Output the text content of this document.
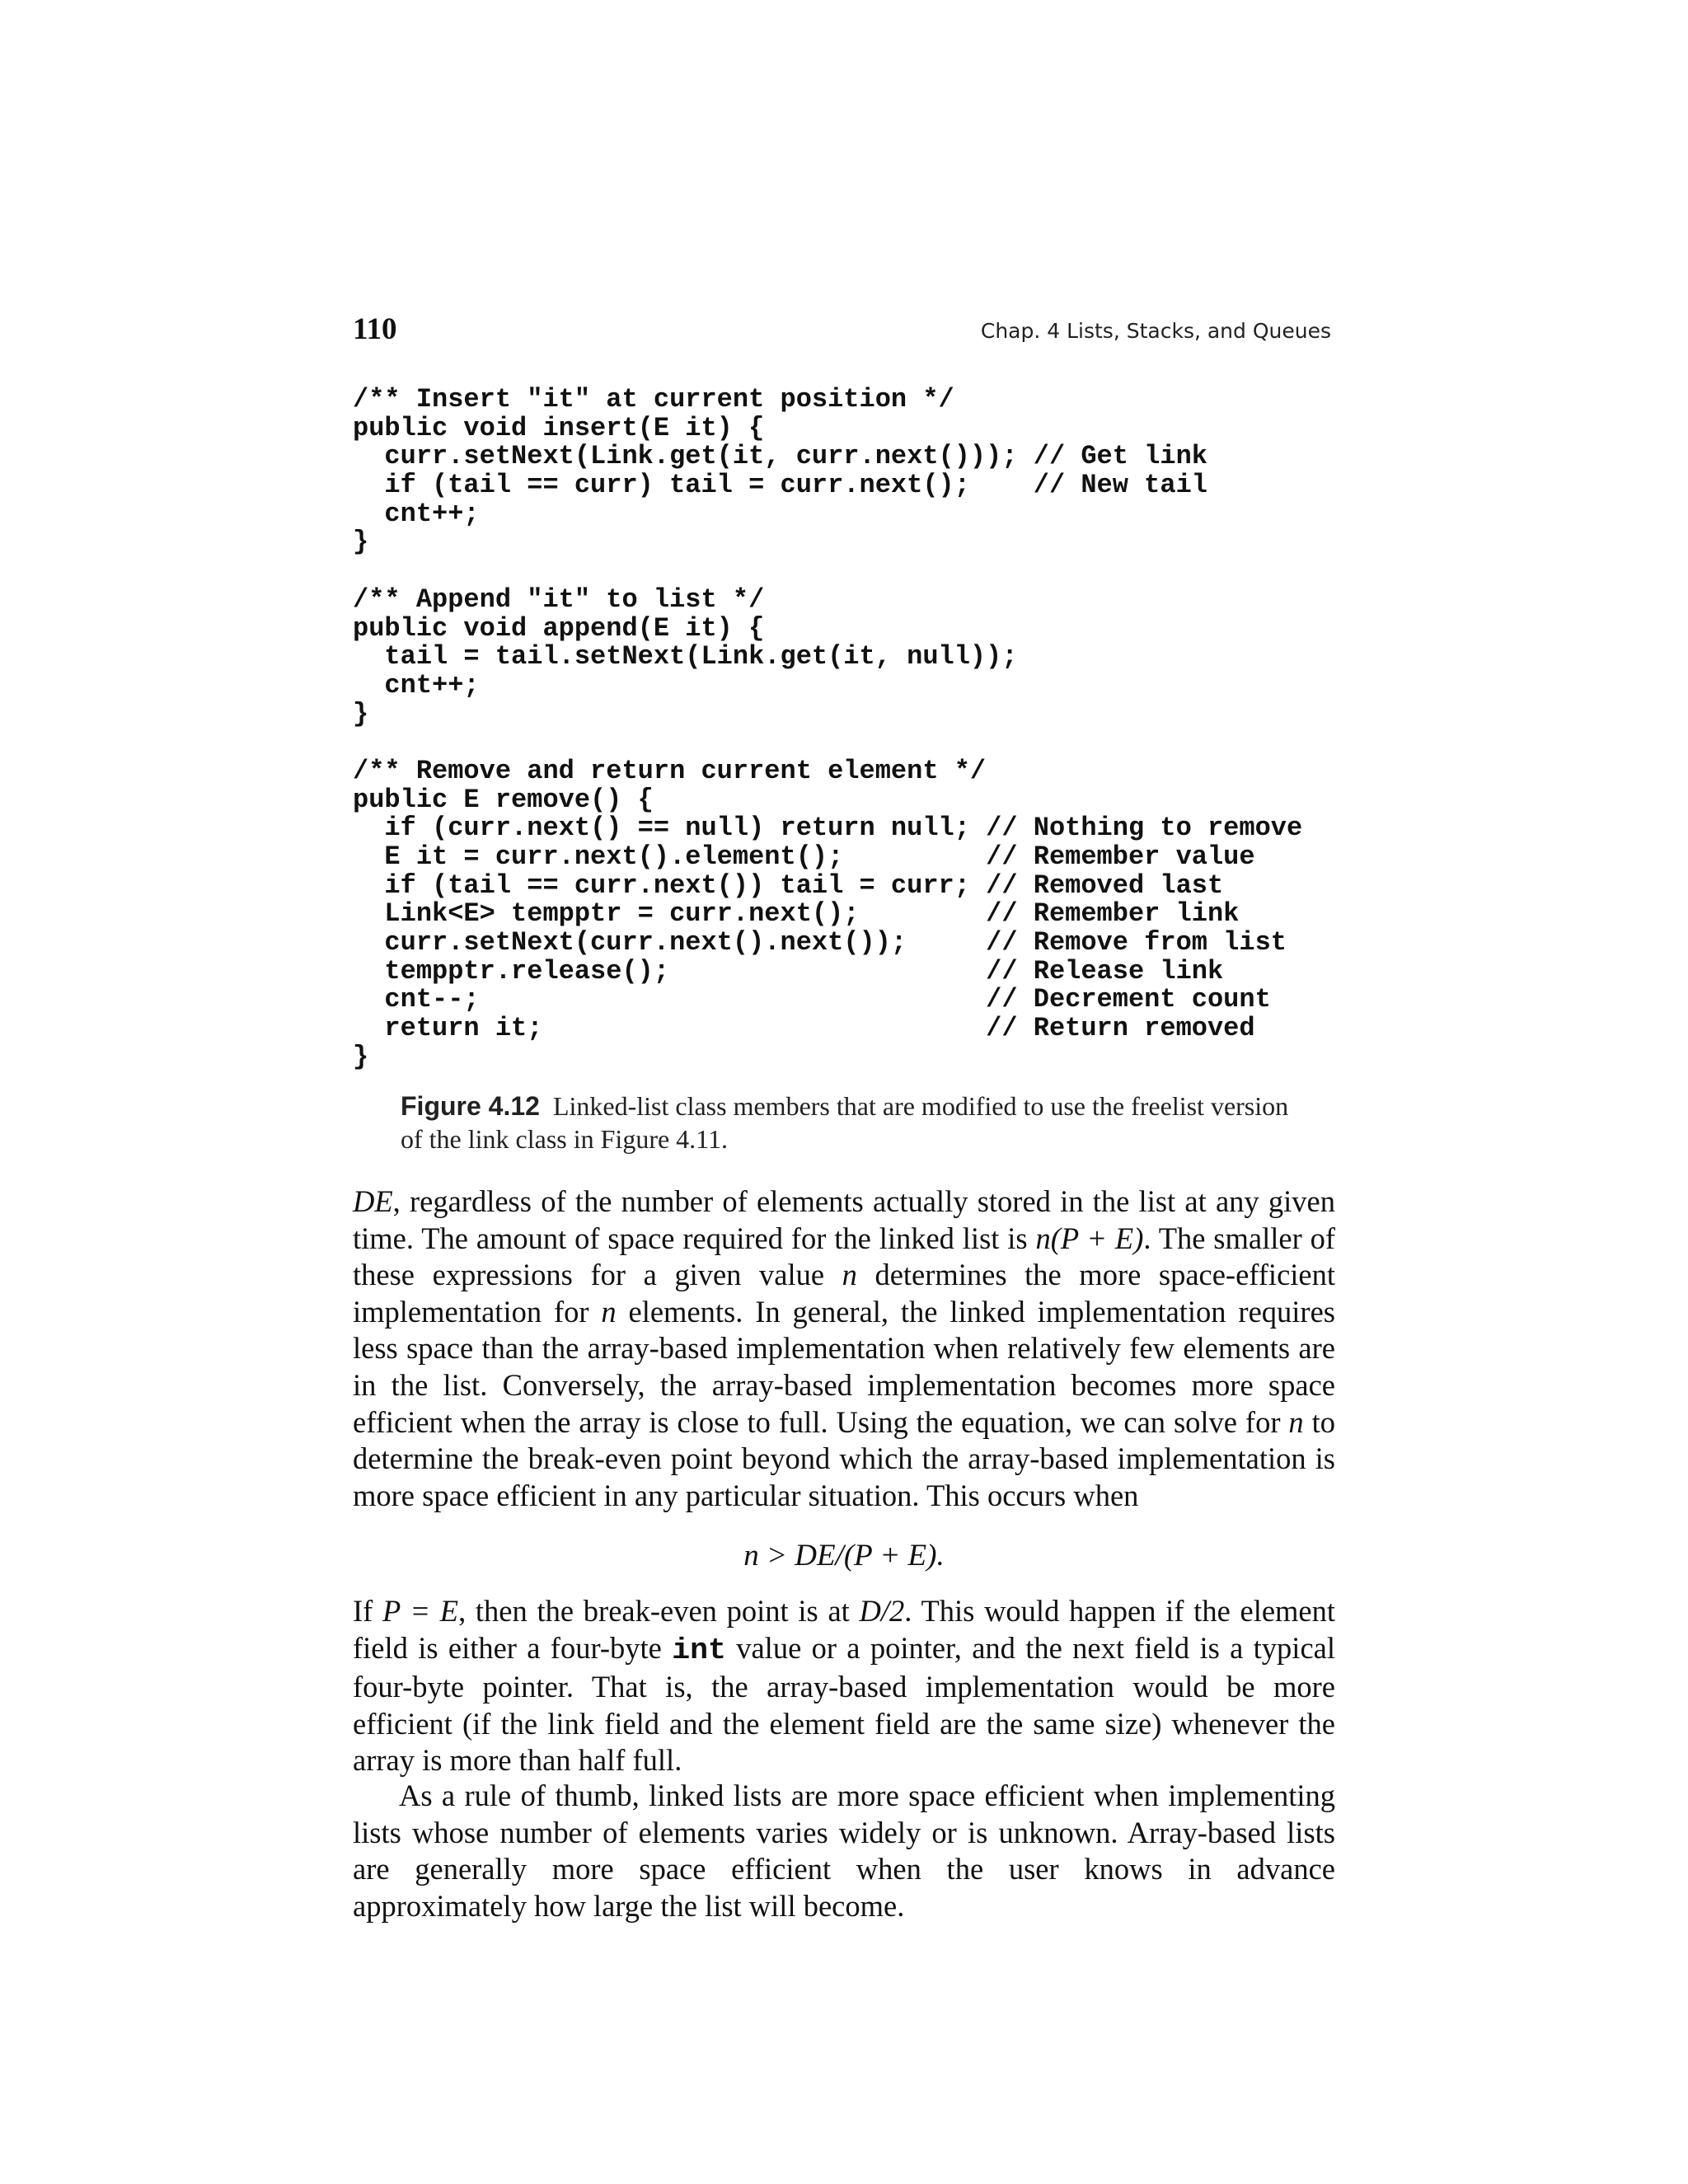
110	Chap. 4 Lists, Stacks, and Queues
/** Insert "it" at current position */
public void insert(E it) {
curr.setNext(Link.get(it, curr.next())); // Get link
if (tail == curr) tail = curr.next();    // New tail
cnt++;
}
/** Append "it" to list */
public void append(E it) {
tail = tail.setNext(Link.get(it, null));
cnt++;
}
/** Remove and return current element */
public E remove() {
if (curr.next() == null) return null; // Nothing to remove
E it = curr.next().element();         // Remember value
if (tail == curr.next()) tail = curr; // Removed last
Link<E> tempptr = curr.next();        // Remember link
curr.setNext(curr.next().next());     // Remove from list
tempptr.release();                    // Release link
cnt--;                                // Decrement count
return it;                            // Return removed
}
Figure 4.12 Linked-list class members that are modified to use the freelist version of the link class in Figure 4.11.
DE, regardless of the number of elements actually stored in the list at any given time. The amount of space required for the linked list is n(P + E). The smaller of these expressions for a given value n determines the more space-efficient implementation for n elements. In general, the linked implementation requires less space than the array-based implementation when relatively few elements are in the list. Conversely, the array-based implementation becomes more space efficient when the array is close to full. Using the equation, we can solve for n to determine the break-even point beyond which the array-based implementation is more space efficient in any particular situation. This occurs when
n > DE/(P + E).
If P = E, then the break-even point is at D/2. This would happen if the element field is either a four-byte int value or a pointer, and the next field is a typical four-byte pointer. That is, the array-based implementation would be more efficient (if the link field and the element field are the same size) whenever the array is more than half full.
As a rule of thumb, linked lists are more space efficient when implementing lists whose number of elements varies widely or is unknown. Array-based lists are generally more space efficient when the user knows in advance approximately how large the list will become.
